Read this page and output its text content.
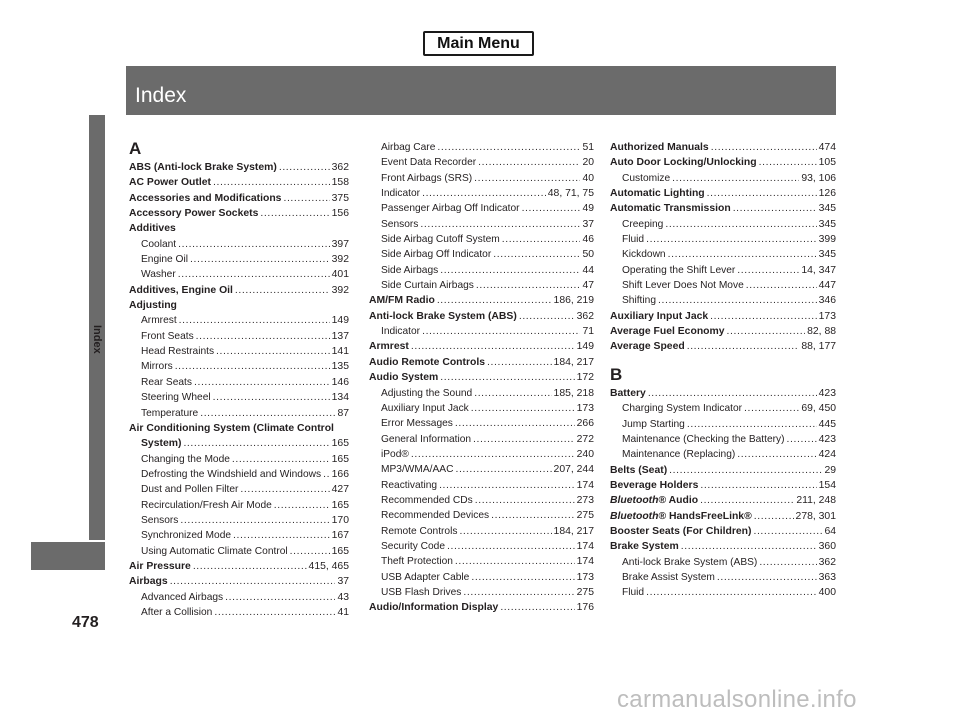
Main Menu
Index
Index
478
A
ABS (Anti-lock Brake System) .....	362
AC Power Outlet .....	158
Accessories and Modifications .....	375
Accessory Power Sockets .....	156
Additives
Coolant .....	397
Engine Oil .....	392
Washer .....	401
Additives, Engine Oil .....	392
Adjusting
Armrest .....	149
Front Seats .....	137
Head Restraints .....	141
Mirrors .....	135
Rear Seats .....	146
Steering Wheel .....	134
Temperature .....	87
Air Conditioning System (Climate Control
System) .....	165
Changing the Mode .....	165
Defrosting the Windshield and Windows ..... 166
Dust and Pollen Filter .....	427
Recirculation/Fresh Air Mode .....	165
Sensors .....	170
Synchronized Mode .....	167
Using Automatic Climate Control .....	165
Air Pressure .....	415, 465
Airbags .....	37
Advanced Airbags .....	43
After a Collision .....	41
Airbag Care .....	51
Event Data Recorder .....	20
Front Airbags (SRS) .....	40
Indicator .....	48, 71, 75
Passenger Airbag Off Indicator .....	49
Sensors .....	37
Side Airbag Cutoff System .....	46
Side Airbag Off Indicator .....	50
Side Airbags .....	44
Side Curtain Airbags .....	47
AM/FM Radio .....	186, 219
Anti-lock Brake System (ABS) .....	362
Indicator .....	71
Armrest .....	149
Audio Remote Controls .....	184, 217
Audio System .....	172
Adjusting the Sound .....	185, 218
Auxiliary Input Jack .....	173
Error Messages .....	266
General Information .....	272
iPod® .....	240
MP3/WMA/AAC .....	207, 244
Reactivating .....	174
Recommended CDs .....	273
Recommended Devices .....	275
Remote Controls .....	184, 217
Security Code .....	174
Theft Protection .....	174
USB Adapter Cable .....	173
USB Flash Drives .....	275
Audio/Information Display .....	176
Authorized Manuals .....	474
Auto Door Locking/Unlocking .....	105
Customize .....	93, 106
Automatic Lighting .....	126
Automatic Transmission .....	345
Creeping .....	345
Fluid .....	399
Kickdown .....	345
Operating the Shift Lever .....	14, 347
Shift Lever Does Not Move .....	447
Shifting .....	346
Auxiliary Input Jack .....	173
Average Fuel Economy .....	82, 88
Average Speed .....	88, 177
B
Battery .....	423
Charging System Indicator .....	69, 450
Jump Starting .....	445
Maintenance (Checking the Battery) .....	423
Maintenance (Replacing) .....	424
Belts (Seat) .....	29
Beverage Holders .....	154
Bluetooth® Audio .....	211, 248
Bluetooth® HandsFreeLink® .....	278, 301
Booster Seats (For Children) .....	64
Brake System .....	360
Anti-lock Brake System (ABS) .....	362
Brake Assist System .....	363
Fluid .....	400
carmanualsonline.info
